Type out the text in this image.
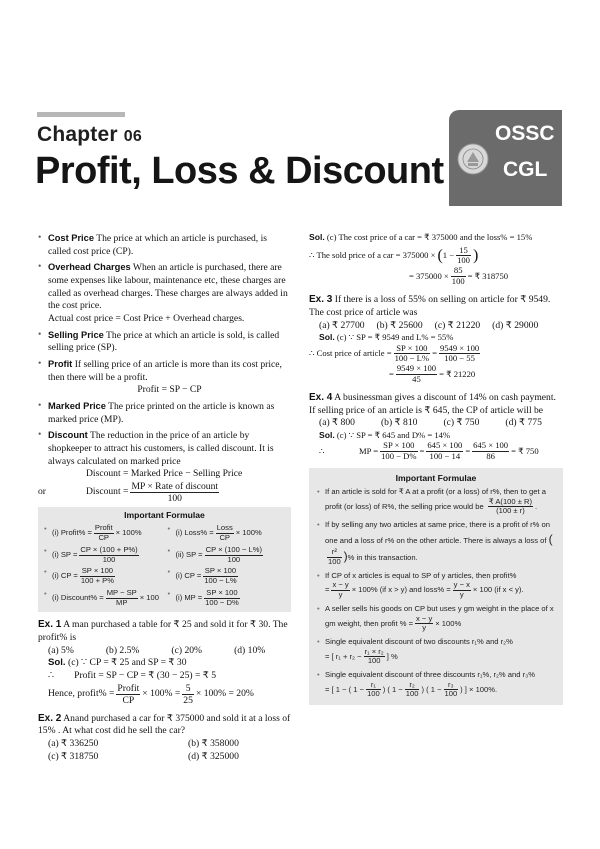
Chapter 06
Profit, Loss & Discount
OSSC
CGL
• Cost Price The price at which an article is purchased, is called cost price (CP).
• Overhead Charges When an article is purchased, there are some expenses like labour, maintenance etc, these charges are called as overhead charges. These charges are always added in the cost price.
Actual cost price = Cost Price + Overhead charges.
• Selling Price The price at which an article is sold, is called selling price (SP).
• Profit If selling price of an article is more than its cost price, then there will be a profit.
Profit = SP − CP
• Marked Price The price printed on the article is known as marked price (MP).
• Discount The reduction in the price of an article by shopkeeper to attract his customers, is called discount. It is always calculated on marked price
Discount = Marked Price − Selling Price
or	Discount = MP × Rate of discount
100
Important Formulae
• (i) Profit% =
Profit
CP × 100%	• (i) Loss% =
Loss
CP × 100%
• (i) SP = $\frac{CP \times (100 + P\%)}{100}$	• (ii) SP = $\frac{CP \times (100 - L\%)}{100}$
• (i) CP = $\frac{SP \times 100}{100 + P\%}$	• (i) CP = $\frac{SP \times 100}{100 - L\%}$
• (i) Discount% = $\frac{MP - SP}{MP} \times 100$	• (i) MP = $\frac{SP \times 100}{100 - D\%}$
Ex. 1 A man purchased a table for ₹ 25 and sold it for ₹ 30. The profit% is
(a) 5%	(b) 2.5%	(c) 20%	(d) 10%
Sol. (c) ∵ CP = ₹ 25 and SP = ₹ 30
∴ Profit = SP − CP = ₹ (30 − 25) = ₹ 5
Hence, profit% = Profit
CP
× $100\% = \frac{5}{25} \times 100\% = 20\%$
Ex. 2 Anand purchased a car for ₹ 375000 and sold it at a loss of 15% . At what cost did he sell the car?
(a) ₹ 336250	(b) ₹ 358000
(c) ₹ 318750	(d) ₹ 325000
Sol. (c) The cost price of a car = ₹ 375000 and the loss% = 15%
∴ The sold price of a car = 375000 × ( $1 - \frac{15}{100}$ )
= $375000 \times \frac{85}{100}$ = ₹ 318750
Ex. 3 If there is a loss of 55% on selling on article for ₹ 9549. The cost price of article was
(a) ₹ 27700 (b) ₹ 25600 (c) ₹ 21220 (d) ₹ 29000
Sol. (c) ∵ SP = ₹ 9549 and L% = 55%
∴ Cost price of article = $\frac{SP \times 100}{100 - L\%} = \frac{9549 \times 100}{100 - 55}$
= $\frac{9549 \times 100}{45}$ = ₹ 21220
Ex. 4 A businessman gives a discount of 14% on cash payment. If selling price of an article is ₹ 645, the CP of article will be
(a) ₹ 800	(b) ₹ 810	(c) ₹ 750	(d) ₹ 775
Sol. (c) ∵ SP = ₹ 645 and D% = 14%
∴	MP = $\frac{SP \times 100}{100 - D\%}$ =
645 × 100
100 − 14
= $\frac{645 \times 100}{86}$ = ₹ 750
Important Formulae
• If an article is sold for ₹ A at a profit (or a loss) of r%, then to get a profit (or loss) of R%, the selling price would be $\frac{₹ A(100 \pm R)}{(100 \pm r)}$ .
• If by selling any two articles at same price, there is a profit of r% on one and a loss of r% on the other article. There is always a loss of (
$\frac{\text{r²}}{100}$ )% in this transaction.
• If CP of x articles is equal to SP of y articles, then profit%
= $\frac{x - y}{y} \times 100\%$ (if x > y) and loss% = $\frac{y - x}{y} \times 100$ (if x < y).
• A seller sells his goods on CP but uses y gm weight in the place of x gm weight, then profit % = $\frac{x - y}{y} \times 100\%$
• Single equivalent discount of two discounts r₁% and r₂%
= [ $r_1 + r_2 - \frac{\text{r₁ × r₂}}{100}$ ] %
• Single equivalent discount of three discounts r₁%, r₂% and r₃%
= [ 1 − ( $1 - \frac{\text{r₁}}{100}$ ) ( $1 - \frac{\text{r₂}}{100}$ ) ( $1 - \frac{\text{r₃}}{100}$ ) ] × 100%.
